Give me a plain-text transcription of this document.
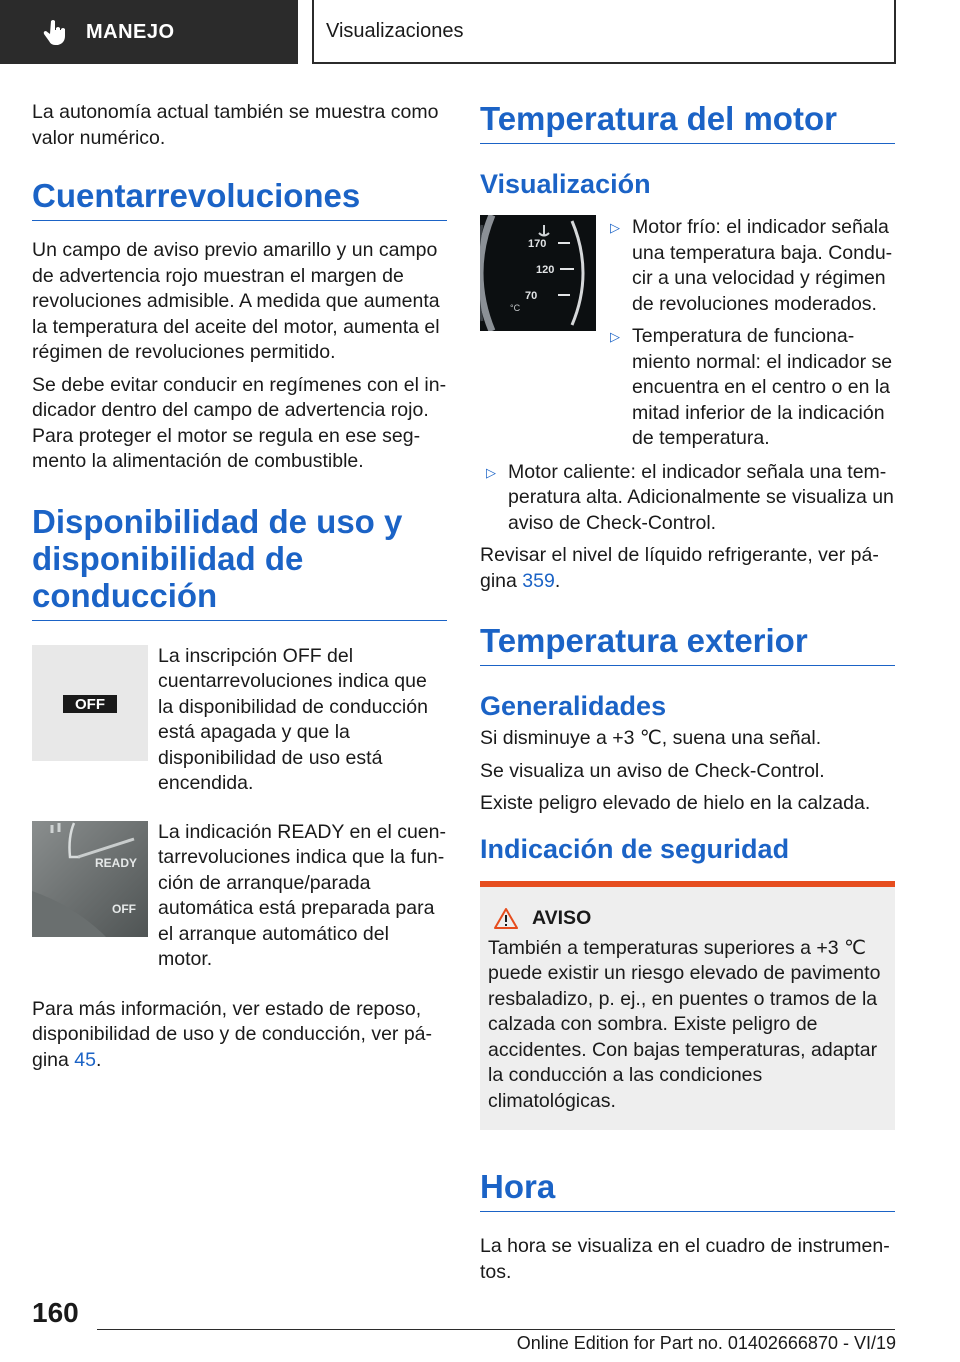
MANEJO	Visualizaciones

La autonomía actual también se muestra como valor numérico.

Cuentarrevoluciones

Un campo de aviso previo amarillo y un campo de advertencia rojo muestran el margen de revoluciones admisible. A medida que aumenta la temperatura del aceite del motor, aumenta el régimen de revoluciones permitido.

Se debe evitar conducir en regímenes con el indicador dentro del campo de advertencia rojo. Para proteger el motor se regula en ese segmento la alimentación de combustible.

Disponibilidad de uso y disponibilidad de conducción
OFF

La inscripción OFF del cuentarrevoluciones indica que la disponibilidad de conducción está apagada y que la disponibilidad de uso está encendida.

READY
OFF

La indicación READY en el cuentarrevoluciones indica que la función de arranque/parada automática está preparada para el arranque automático del motor.

Para más información, ver estado de reposo, disponibilidad de uso y de conducción, ver página 45.

Temperatura del motor
Visualización
170
120
70
°C
▷ Motor frío: el indicador señala una temperatura baja. Conducir a una velocidad y régimen de revoluciones moderados.
▷ Temperatura de funcionamiento normal: el indicador se encuentra en el centro o en la mitad inferior de la indicación de temperatura.
▷ Motor caliente: el indicador señala una temperatura alta. Adicionalmente se visualiza un aviso de Check-Control.

Revisar el nivel de líquido refrigerante, ver página 359.

Temperatura exterior
Generalidades

Si disminuye a +3 ℃, suena una señal.

Se visualiza un aviso de Check-Control.

Existe peligro elevado de hielo en la calzada.

Indicación de seguridad
AVISO

También a temperaturas superiores a +3 ℃ puede existir un riesgo elevado de pavimento resbaladizo, p. ej., en puentes o tramos de la calzada con sombra. Existe peligro de accidentes. Con bajas temperaturas, adaptar la conducción a las condiciones climatológicas.

Hora

La hora se visualiza en el cuadro de instrumentos.

160
Online Edition for Part no. 01402666870 - VI/19
